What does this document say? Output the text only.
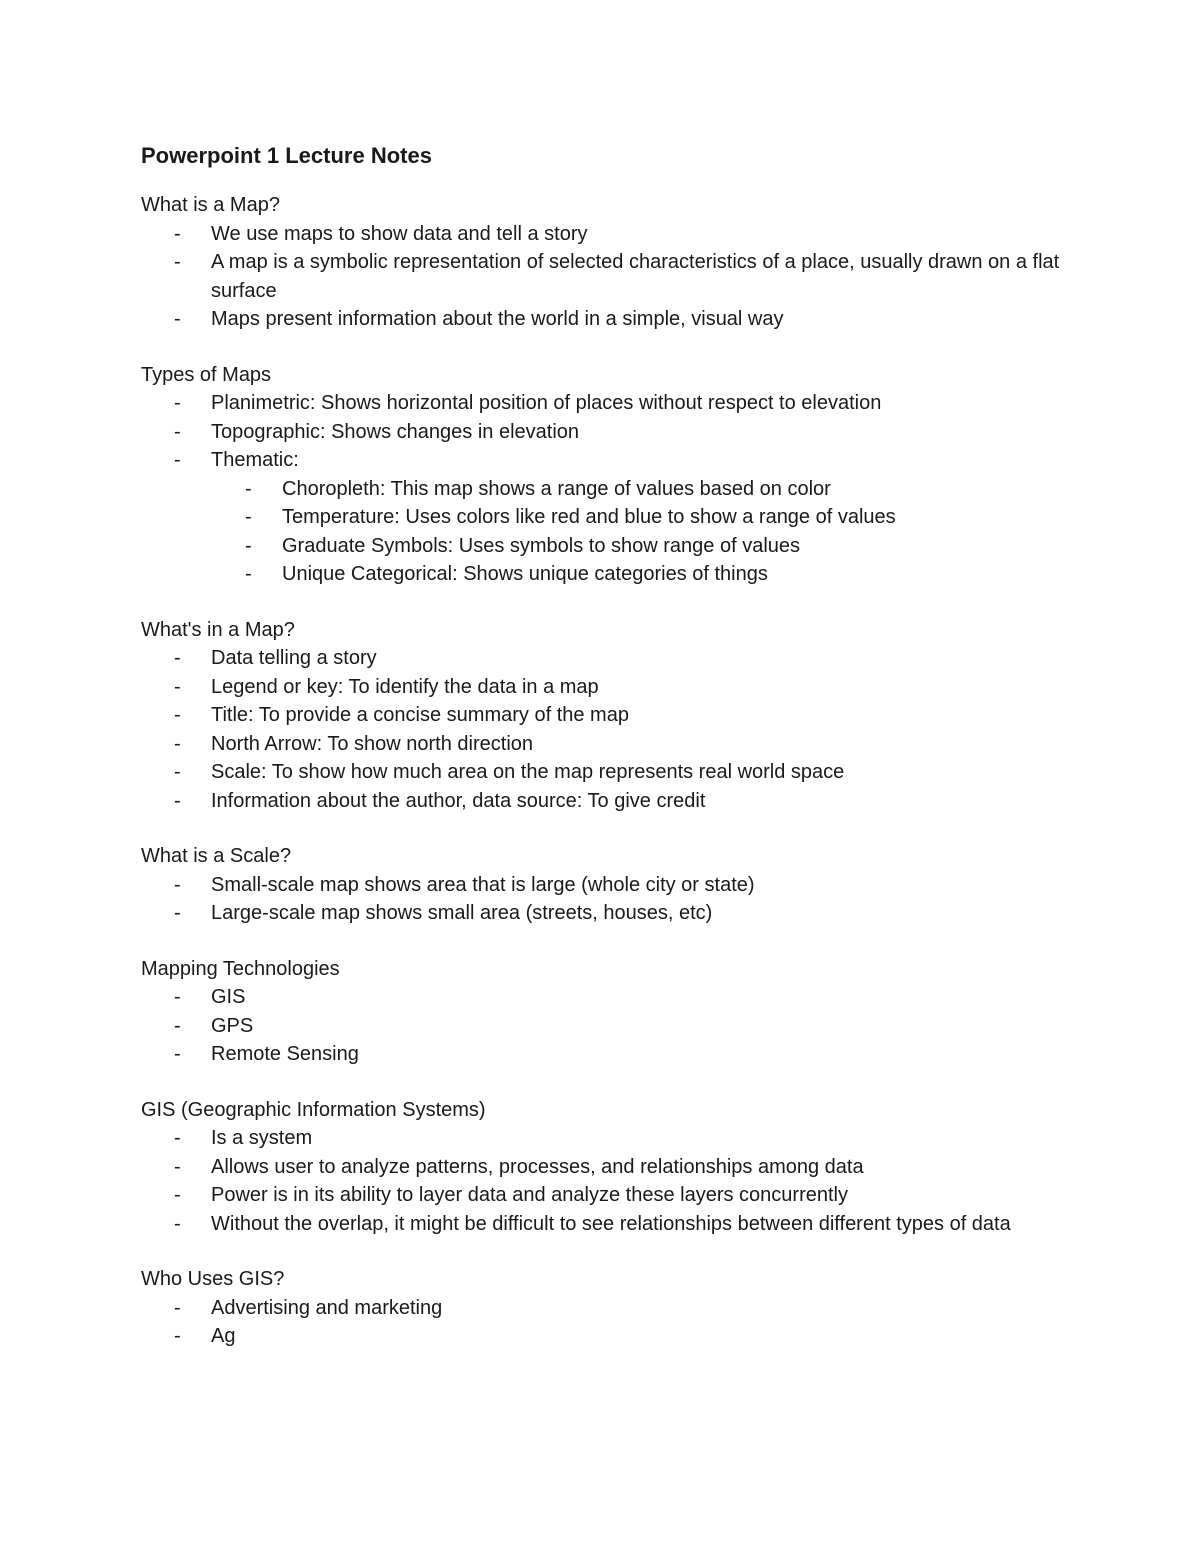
Powerpoint 1 Lecture Notes

What is a Map?

- We use maps to show data and tell a story
- A map is a symbolic representation of selected characteristics of a place, usually drawn on a flat surface
- Maps present information about the world in a simple, visual way

Types of Maps

- Planimetric: Shows horizontal position of places without respect to elevation
- Topographic: Shows changes in elevation
- Thematic:
- Choropleth: This map shows a range of values based on color
- Temperature: Uses colors like red and blue to show a range of values
- Graduate Symbols: Uses symbols to show range of values
- Unique Categorical: Shows unique categories of things

What's in a Map?

- Data telling a story
- Legend or key: To identify the data in a map
- Title: To provide a concise summary of the map
- North Arrow: To show north direction
- Scale: To show how much area on the map represents real world space
- Information about the author, data source: To give credit

What is a Scale?

- Small-scale map shows area that is large (whole city or state)
- Large-scale map shows small area (streets, houses, etc)

Mapping Technologies

- GIS
- GPS
- Remote Sensing

GIS (Geographic Information Systems)

- Is a system
- Allows user to analyze patterns, processes, and relationships among data
- Power is in its ability to layer data and analyze these layers concurrently
- Without the overlap, it might be difficult to see relationships between different types of data

Who Uses GIS?

- Advertising and marketing
- Ag
